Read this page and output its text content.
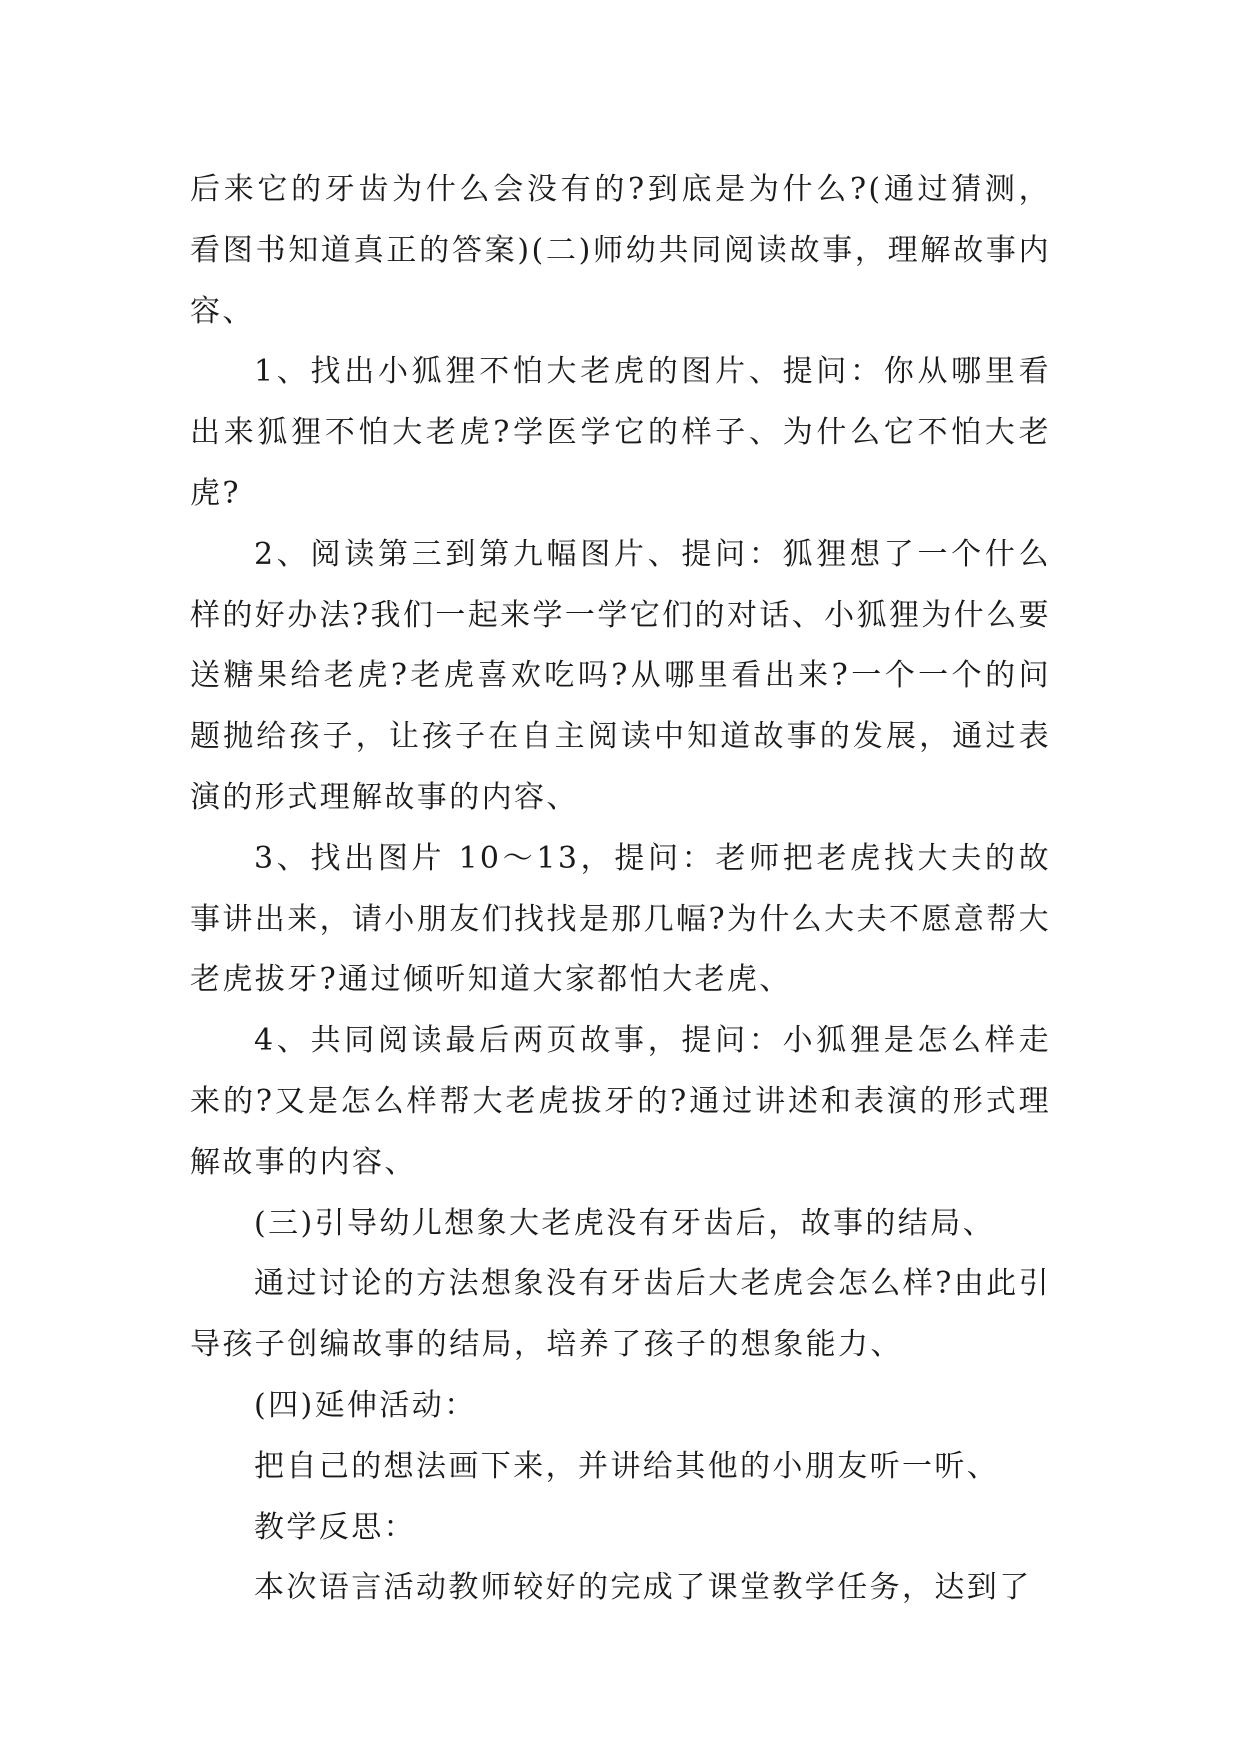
后来它的牙齿为什么会没有的?到底是为什么?(通过猜测，看图书知道真正的答案)(二)师幼共同阅读故事，理解故事内容、

1、找出小狐狸不怕大老虎的图片、提问：你从哪里看出来狐狸不怕大老虎?学医学它的样子、为什么它不怕大老虎?

2、阅读第三到第九幅图片、提问：狐狸想了一个什么样的好办法?我们一起来学一学它们的对话、小狐狸为什么要送糖果给老虎?老虎喜欢吃吗?从哪里看出来?一个一个的问题抛给孩子，让孩子在自主阅读中知道故事的发展，通过表演的形式理解故事的内容、

3、找出图片 10～13，提问：老师把老虎找大夫的故事讲出来，请小朋友们找找是那几幅?为什么大夫不愿意帮大老虎拔牙?通过倾听知道大家都怕大老虎、

4、共同阅读最后两页故事，提问：小狐狸是怎么样走来的?又是怎么样帮大老虎拔牙的?通过讲述和表演的形式理解故事的内容、

(三)引导幼儿想象大老虎没有牙齿后，故事的结局、

通过讨论的方法想象没有牙齿后大老虎会怎么样?由此引导孩子创编故事的结局，培养了孩子的想象能力、

(四)延伸活动：

把自己的想法画下来，并讲给其他的小朋友听一听、

教学反思：

本次语言活动教师较好的完成了课堂教学任务，达到了
